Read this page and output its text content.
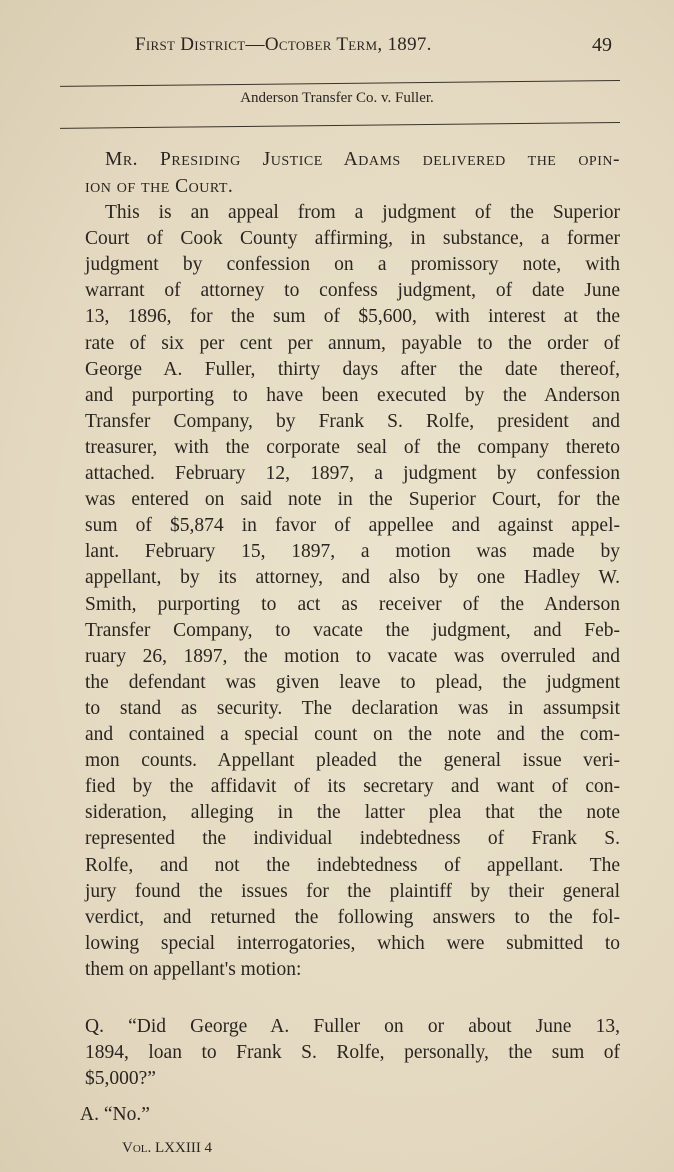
First District—October Term, 1897.	49
Anderson Transfer Co. v. Fuller.
Mr. Presiding Justice Adams delivered the opin-
ion of the Court.
This is an appeal from a judgment of the Superior
Court of Cook County affirming, in substance, a former
judgment by confession on a promissory note, with
warrant of attorney to confess judgment, of date June
13, 1896, for the sum of $5,600, with interest at the
rate of six per cent per annum, payable to the order of
George A. Fuller, thirty days after the date thereof,
and purporting to have been executed by the Anderson
Transfer Company, by Frank S. Rolfe, president and
treasurer, with the corporate seal of the company thereto
attached. February 12, 1897, a judgment by confession
was entered on said note in the Superior Court, for the
sum of $5,874 in favor of appellee and against appel-
lant. February 15, 1897, a motion was made by
appellant, by its attorney, and also by one Hadley W.
Smith, purporting to act as receiver of the Anderson
Transfer Company, to vacate the judgment, and Feb-
ruary 26, 1897, the motion to vacate was overruled and
the defendant was given leave to plead, the judgment
to stand as security. The declaration was in assumpsit
and contained a special count on the note and the com-
mon counts. Appellant pleaded the general issue veri-
fied by the affidavit of its secretary and want of con-
sideration, alleging in the latter plea that the note
represented the individual indebtedness of Frank S.
Rolfe, and not the indebtedness of appellant. The
jury found the issues for the plaintiff by their general
verdict, and returned the following answers to the fol-
lowing special interrogatories, which were submitted to
them on appellant's motion:
Q. “Did George A. Fuller on or about June 13,
1894, loan to Frank S. Rolfe, personally, the sum of
$5,000?”
A. “No.”
Vol. LXXIII 4
